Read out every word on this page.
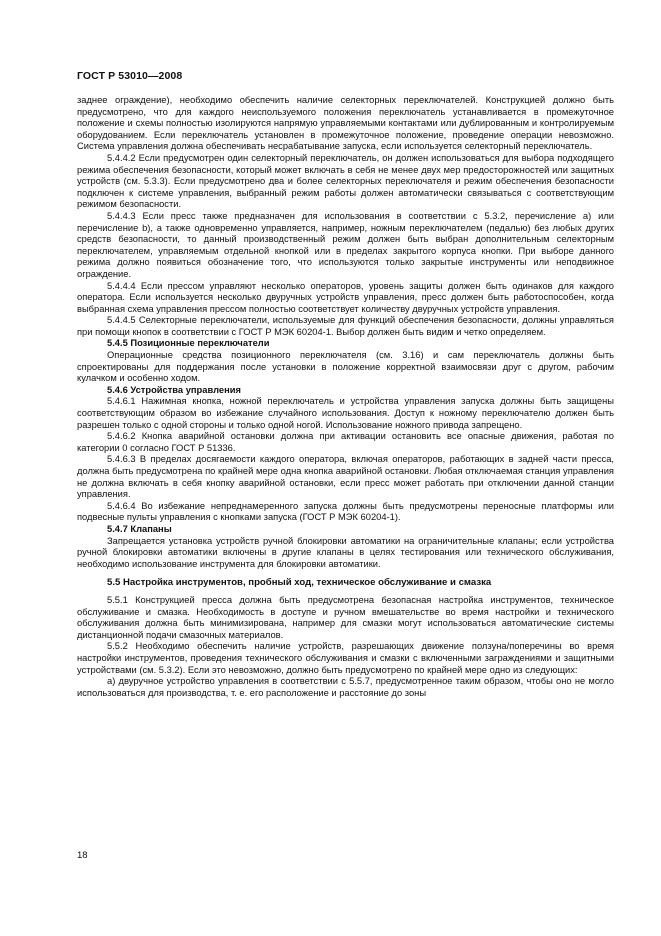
ГОСТ Р 53010—2008

заднее ограждение), необходимо обеспечить наличие селекторных переключателей. Конструкцией должно быть предусмотрено, что для каждого неиспользуемого положения переключатель устанавливается в промежуточное положение и схемы полностью изолируются напрямую управляемыми контактами или дублированным и контролируемым оборудованием. Если переключатель установлен в промежуточное положение, проведение операции невозможно. Система управления должна обеспечивать несрабатывание запуска, если используется селекторный переключатель.

5.4.4.2 Если предусмотрен один селекторный переключатель, он должен использоваться для выбора подходящего режима обеспечения безопасности, который может включать в себя не менее двух мер предосторожностей или защитных устройств (см. 5.3.3). Если предусмотрено два и более селекторных переключателя и режим обеспечения безопасности подключен к системе управления, выбранный режим работы должен автоматически связываться с соответствующим режимом безопасности.

5.4.4.3 Если пресс также предназначен для использования в соответствии с 5.3.2, перечисление а) или перечисление b), а также одновременно управляется, например, ножным переключателем (педалью) без любых других средств безопасности, то данный производственный режим должен быть выбран дополнительным селекторным переключателем, управляемым отдельной кнопкой или в пределах закрытого корпуса кнопки. При выборе данного режима должно появиться обозначение того, что используются только закрытые инструменты или неподвижное ограждение.

5.4.4.4 Если прессом управляют несколько операторов, уровень защиты должен быть одинаков для каждого оператора. Если используется несколько двуручных устройств управления, пресс должен быть работоспособен, когда выбранная схема управления прессом полностью соответствует количеству двуручных устройств управления.

5.4.4.5 Селекторные переключатели, используемые для функций обеспечения безопасности, должны управляться при помощи кнопок в соответствии с ГОСТ Р МЭК 60204-1. Выбор должен быть видим и четко определяем.

5.4.5 Позиционные переключатели

Операционные средства позиционного переключателя (см. 3.16) и сам переключатель должны быть спроектированы для поддержания после установки в положение корректной взаимосвязи друг с другом, рабочим кулачком и особенно ходом.

5.4.6 Устройства управления

5.4.6.1 Нажимная кнопка, ножной переключатель и устройства управления запуска должны быть защищены соответствующим образом во избежание случайного использования. Доступ к ножному переключателю должен быть разрешен только с одной стороны и только одной ногой. Использование ножного привода запрещено.

5.4.6.2 Кнопка аварийной остановки должна при активации остановить все опасные движения, работая по категории 0 согласно ГОСТ Р 51336.

5.4.6.3 В пределах досягаемости каждого оператора, включая операторов, работающих в задней части пресса, должна быть предусмотрена по крайней мере одна кнопка аварийной остановки. Любая отключаемая станция управления не должна включать в себя кнопку аварийной остановки, если пресс может работать при отключении данной станции управления.

5.4.6.4 Во избежание непреднамеренного запуска должны быть предусмотрены переносные платформы или подвесные пульты управления с кнопками запуска (ГОСТ Р МЭК 60204-1).

5.4.7 Клапаны

Запрещается установка устройств ручной блокировки автоматики на ограничительные клапаны; если устройства ручной блокировки автоматики включены в другие клапаны в целях тестирования или технического обслуживания, необходимо использование инструмента для блокировки автоматики.

5.5 Настройка инструментов, пробный ход, техническое обслуживание и смазка

5.5.1 Конструкцией пресса должна быть предусмотрена безопасная настройка инструментов, техническое обслуживание и смазка. Необходимость в доступе и ручном вмешательстве во время настройки и технического обслуживания должна быть минимизирована, например для смазки могут использоваться автоматические системы дистанционной подачи смазочных материалов.

5.5.2 Необходимо обеспечить наличие устройств, разрешающих движение ползуна/поперечины во время настройки инструментов, проведения технического обслуживания и смазки с включенными заграждениями и защитными устройствами (см. 5.3.2). Если это невозможно, должно быть предусмотрено по крайней мере одно из следующих:

а) двуручное устройство управления в соответствии с 5.5.7, предусмотренное таким образом, чтобы оно не могло использоваться для производства, т. е. его расположение и расстояние до зоны

18
